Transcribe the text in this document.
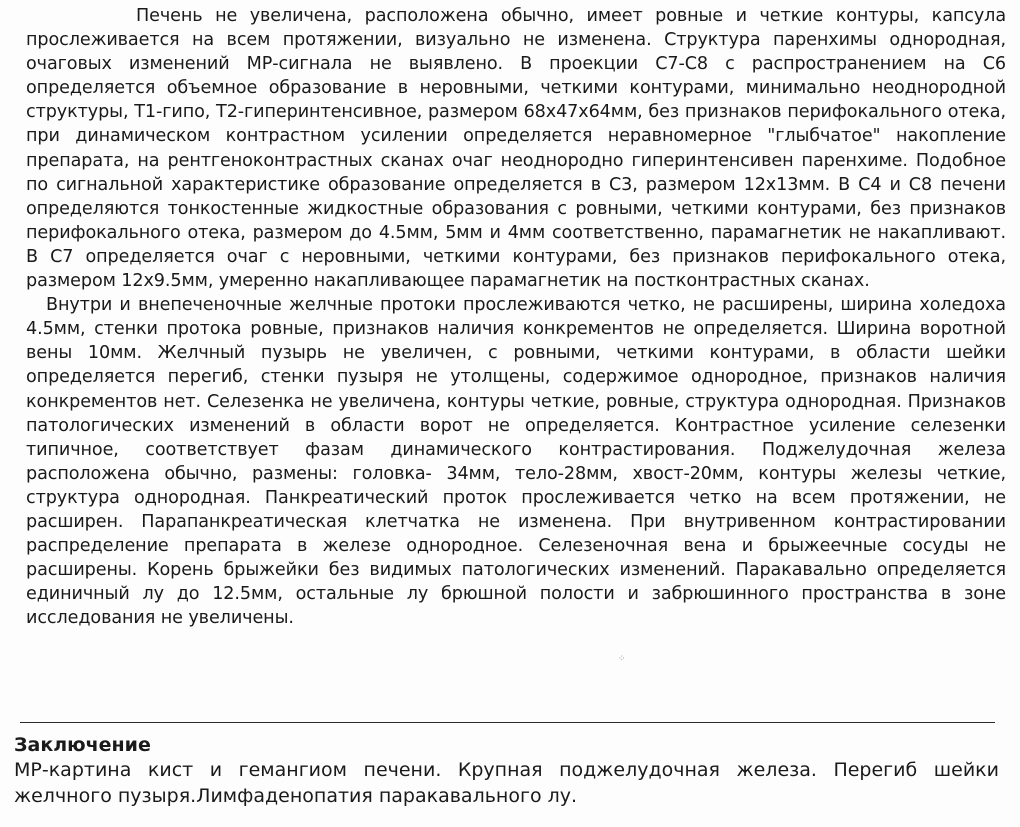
Печень не увеличена, расположена обычно, имеет ровные и четкие контуры, капсула прослеживается на всем протяжении, визуально не изменена. Структура паренхимы однородная, очаговых изменений МР-сигнала не выявлено. В проекции С7-С8 с распространением на С6 определяется объемное образование в неровными, четкими контурами, минимально неоднородной структуры, Т1-гипо, Т2-гиперинтенсивное, размером 68х47х64мм, без признаков перифокального отека, при динамическом контрастном усилении определяется неравномерное "глыбчатое" накопление препарата, на рентгеноконтрастных сканах очаг неоднородно гиперинтенсивен паренхиме. Подобное по сигнальной характеристике образование определяется в С3, размером 12х13мм. В С4 и С8 печени определяются тонкостенные жидкостные образования с ровными, четкими контурами, без признаков перифокального отека, размером до 4.5мм, 5мм и 4мм соответственно, парамагнетик не накапливают. В С7 определяется очаг с неровными, четкими контурами, без признаков перифокального отека, размером 12х9.5мм, умеренно накапливающее парамагнетик на постконтрастных сканах.

Внутри и внепеченочные желчные протоки прослеживаются четко, не расширены, ширина холедоха 4.5мм, стенки протока ровные, признаков наличия конкрементов не определяется. Ширина воротной вены 10мм. Желчный пузырь не увеличен, с ровными, четкими контурами, в области шейки определяется перегиб, стенки пузыря не утолщены, содержимое однородное, признаков наличия конкрементов нет. Селезенка не увеличена, контуры четкие, ровные, структура однородная. Признаков патологических изменений в области ворот не определяется. Контрастное усиление селезенки типичное, соответствует фазам динамического контрастирования. Поджелудочная железа расположена обычно, размены: головка- 34мм, тело-28мм, хвост-20мм, контуры железы четкие, структура однородная. Панкреатический проток прослеживается четко на всем протяжении, не расширен. Парапанкреатическая клетчатка не изменена. При внутривенном контрастировании распределение препарата в железе однородное. Селезеночная вена и брыжеечные сосуды не расширены. Корень брыжейки без видимых патологических изменений. Паракавально определяется единичный лу до 12.5мм, остальные лу брюшной полости и забрюшинного пространства в зоне исследования не увеличены.

⁘
Заключение
МР-картина кист и гемангиом печени. Крупная поджелудочная железа. Перегиб шейки желчного пузыря.Лимфаденопатия паракавального лу.
